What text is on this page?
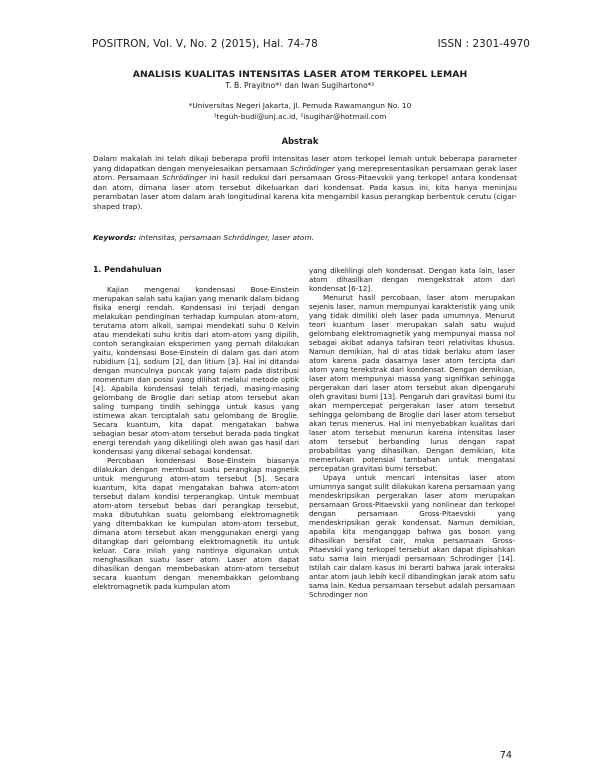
POSITRON, Vol. V, No. 2 (2015), Hal. 74-78	ISSN : 2301-4970
ANALISIS KUALITAS INTENSITAS LASER ATOM TERKOPEL LEMAH
T. B. Prayitno*¹ dan Iwan Sugihartono*²
*Universitas Negeri Jakarta, Jl. Pemuda Rawamangun No. 10
¹teguh-budi@unj.ac.id, ²isugihar@hotmail.com
Abstrak

Dalam makalah ini telah dikaji beberapa profil intensitas laser atom terkopel lemah untuk beberapa parameter yang didapatkan dengan menyelesaikan persamaan Schrödinger yang merepresentasikan persamaan gerak laser atom. Persamaan Schrödinger ini hasil reduksi dari persamaan Gross-Pitaevskii yang terkopel antara kondensat dan atom, dimana laser atom tersebut dikeluarkan dari kondensat. Pada kasus ini, kita hanya meninjau perambatan laser atom dalam arah longitudinal karena kita mengambil kasus perangkap berbentuk cerutu (cigar-shaped trap).

Keywords: intensitas, persamaan Schrödinger, laser atom.
1. Pendahuluan

Kajian mengenai kondensasi Bose-Einstein merupakan salah satu kajian yang menarik dalam bidang fisika energi rendah. Kondensasi ini terjadi dengan melakukan pendinginan terhadap kumpulan atom-atom, terutama atom alkali, sampai mendekati suhu 0 Kelvin atau mendekati suhu kritis dari atom-atom yang dipilih, contoh serangkaian eksperimen yang pernah dilakukan yaitu, kondensasi Bose-Einstein di dalam gas dari atom rubidium [1], sodium [2], dan litium [3]. Hal ini ditandai dengan munculnya puncak yang tajam pada distribusi momentum dan posisi yang dilihat melalui metode optik [4]. Apabila kondensasi telah terjadi, masing-masing gelombang de Broglie dari setiap atom tersebut akan saling tumpang tindih sehingga untuk kasus yang istimewa akan terciptalah satu gelombang de Broglie. Secara kuantum, kita dapat mengatakan bahwa sebagian besar atom-atom tersebut berada pada tingkat energi terendah yang dikelilingi oleh awan gas hasil dari kondensasi yang dikenal sebagai kondensat.

Percobaan kondensasi Bose-Einstein biasanya dilakukan dengan membuat suatu perangkap magnetik untuk mengurung atom-atom tersebut [5]. Secara kuantum, kita dapat mengatakan bahwa atom-atom tersebut dalam kondisi terperangkap. Untuk membuat atom-atom tersebut bebas dari perangkap tersebut, maka dibutuhkan suatu gelombang elektromagnetik yang ditembakkan ke kumpulan atom-atom tersebut, dimana atom tersebut akan menggunakan energi yang ditangkap dari gelombang elektromagnetik itu untuk keluar. Cara inilah yang nantinya digunakan untuk menghasilkan suatu laser atom. Laser atom dapat dihasilkan dengan membebaskan atom-atom tersebut secara kuantum dengan menembakkan gelombang elektromagnetik pada kumpulan atom

yang dikelilingi oleh kondensat. Dengan kata lain, laser atom dihasilkan dengan mengekstrak atom dari kondensat [6-12].

Menurut hasil percobaan, laser atom merupakan sejenis laser, namun mempunyai karakteristik yang unik yang tidak dimiliki oleh laser pada umumnya. Menurut teori kuantum laser merupakan salah satu wujud gelombang elektromagnetik yang mempunyai massa nol sebagai akibat adanya tafsiran teori relativitas khusus. Namun demikian, hal di atas tidak berlaku atom laser atom karena pada dasarnya laser atom tercipta dari atom yang terekstrak dari kondensat. Dengan demikian, laser atom mempunyai massa yang signifikan sehingga pergerakan dari laser atom tersebut akan dipengaruhi oleh gravitasi bumi [13]. Pengaruh dari gravitasi bumi itu akan mempercepat pergerakan laser atom tersebut sehingga gelombang de Broglie dari laser atom tersebut akan terus menerus. Hal ini menyebabkan kualitas dari laser atom tersebut menurun karena intensitas laser atom tersebut berbanding lurus dengan rapat probabilitas yang dihasilkan. Dengan demikian, kita memerlukan potensial tambahan untuk mengatasi percepatan gravitasi bumi tersebut.

Upaya untuk mencari intensitas laser atom umumnya sangat sulit dilakukan karena persamaan yang mendeskripsikan pergerakan laser atom merupakan persamaan Gross-Pitaevskii yang nonlinear dan terkopel dengan persamaan Gross-Pitaevskii yang mendeskripsikan gerak kondensat. Namun demikian, apabila kita menganggap bahwa gas boson yang dihasilkan bersifat cair, maka persamaan Gross-Pitaevskii yang terkopel tersebut akan dapat dipisahkan satu sama lain menjadi persamaan Schrodinger [14]. Istilah cair dalam kasus ini berarti bahwa jarak interaksi antar atom jauh lebih kecil dibandingkan jarak atom satu sama lain. Kedua persamaan tersebut adalah persamaan Schrodinger non

74
